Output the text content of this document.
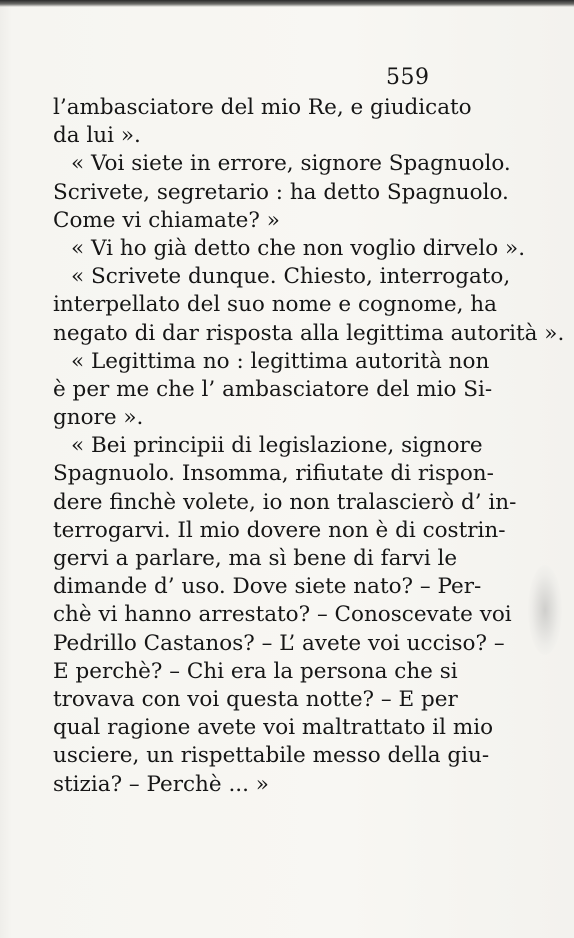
559
l’ambasciatore del mio Re, e giudicato
da lui ».
« Voi siete in errore, signore Spagnuolo.
Scrivete, segretario : ha detto Spagnuolo.
Come vi chiamate? »
« Vi ho già detto che non voglio dirvelo ».
« Scrivete dunque. Chiesto, interrogato,
interpellato del suo nome e cognome, ha
negato di dar risposta alla legittima autorità ».
« Legittima no : legittima autorità non
è per me che l’ ambasciatore del mio Si-
gnore ».
« Bei principii di legislazione, signore
Spagnuolo. Insomma, rifiutate di rispon-
dere finchè volete, io non tralascierò d’ in-
terrogarvi. Il mio dovere non è di costrin-
gervi a parlare, ma sì bene di farvi le
dimande d’ uso. Dove siete nato? – Per-
chè vi hanno arrestato? – Conoscevate voi
Pedrillo Castanos? – L’ avete voi ucciso? –
E perchè? – Chi era la persona che si
trovava con voi questa notte? – E per
qual ragione avete voi maltrattato il mio
usciere, un rispettabile messo della giu-
stizia? – Perchè ... »
